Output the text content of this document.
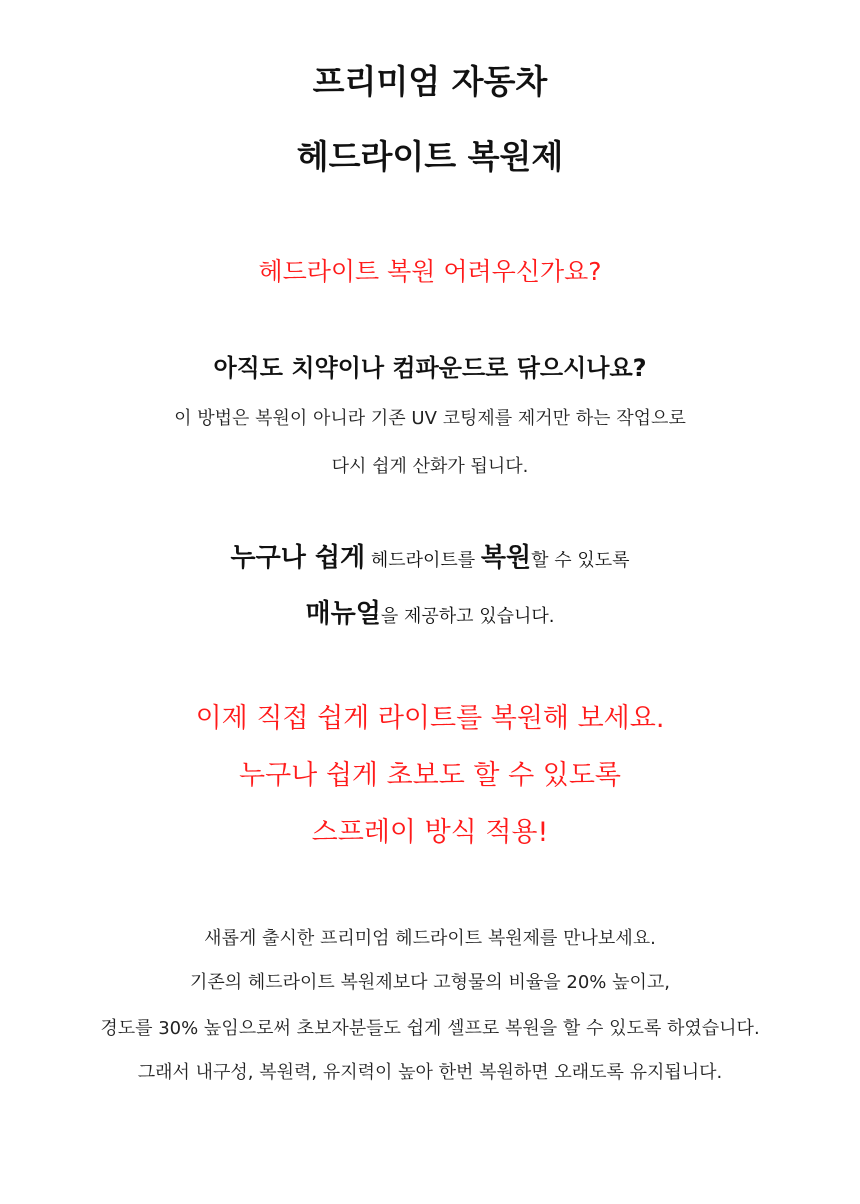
프리미엄 자동차
헤드라이트 복원제
헤드라이트 복원 어려우신가요?
아직도 치약이나 컴파운드로 닦으시나요?
이 방법은 복원이 아니라 기존 UV 코팅제를 제거만 하는 작업으로
다시 쉽게 산화가 됩니다.
누구나 쉽게 헤드라이트를 복원할 수 있도록
매뉴얼을 제공하고 있습니다.
이제 직접 쉽게 라이트를 복원해 보세요.
누구나 쉽게 초보도 할 수 있도록
스프레이 방식 적용!
새롭게 출시한 프리미엄 헤드라이트 복원제를 만나보세요.
기존의 헤드라이트 복원제보다 고형물의 비율을 20% 높이고,
경도를 30% 높임으로써 초보자분들도 쉽게 셀프로 복원을 할 수 있도록 하였습니다.
그래서 내구성, 복원력, 유지력이 높아 한번 복원하면 오래도록 유지됩니다.
